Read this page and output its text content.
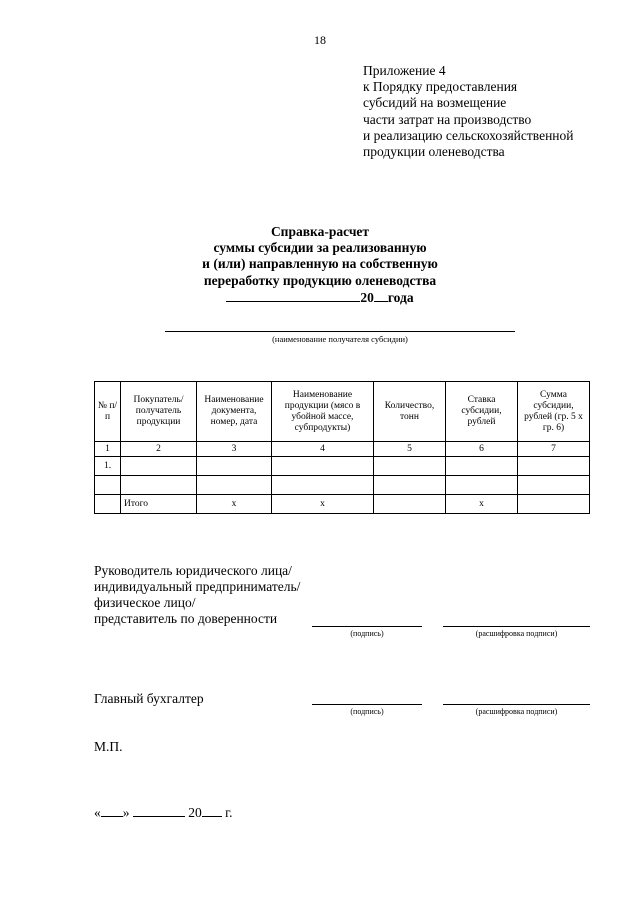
18
Приложение 4
к Порядку предоставления
субсидий на возмещение
части затрат на производство
и реализацию сельскохозяйственной
продукции оленеводства
Справка-расчет
суммы субсидии за реализованную
и (или) направленную на собственную
переработку продукцию оленеводства
20 года
(наименование получателя субсидии)
№ п/п	Покупатель/ получатель продукции	Наименование документа, номер, дата	Наименование продукции (мясо в убойной массе, субпродукты)	Количество, тонн	Ставка субсидии, рублей	Сумма субсидии, рублей (гр. 5 x гр. 6)
1	2	3	4	5	6	7
1.						

	Итого	x	x		x	
Руководитель юридического лица/
индивидуальный предприниматель/
физическое лицо/
представитель по доверенности
(подпись)	(расшифровка подписи)
Главный бухгалтер
(подпись)	(расшифровка подписи)
М.П.
« »	20 г.
